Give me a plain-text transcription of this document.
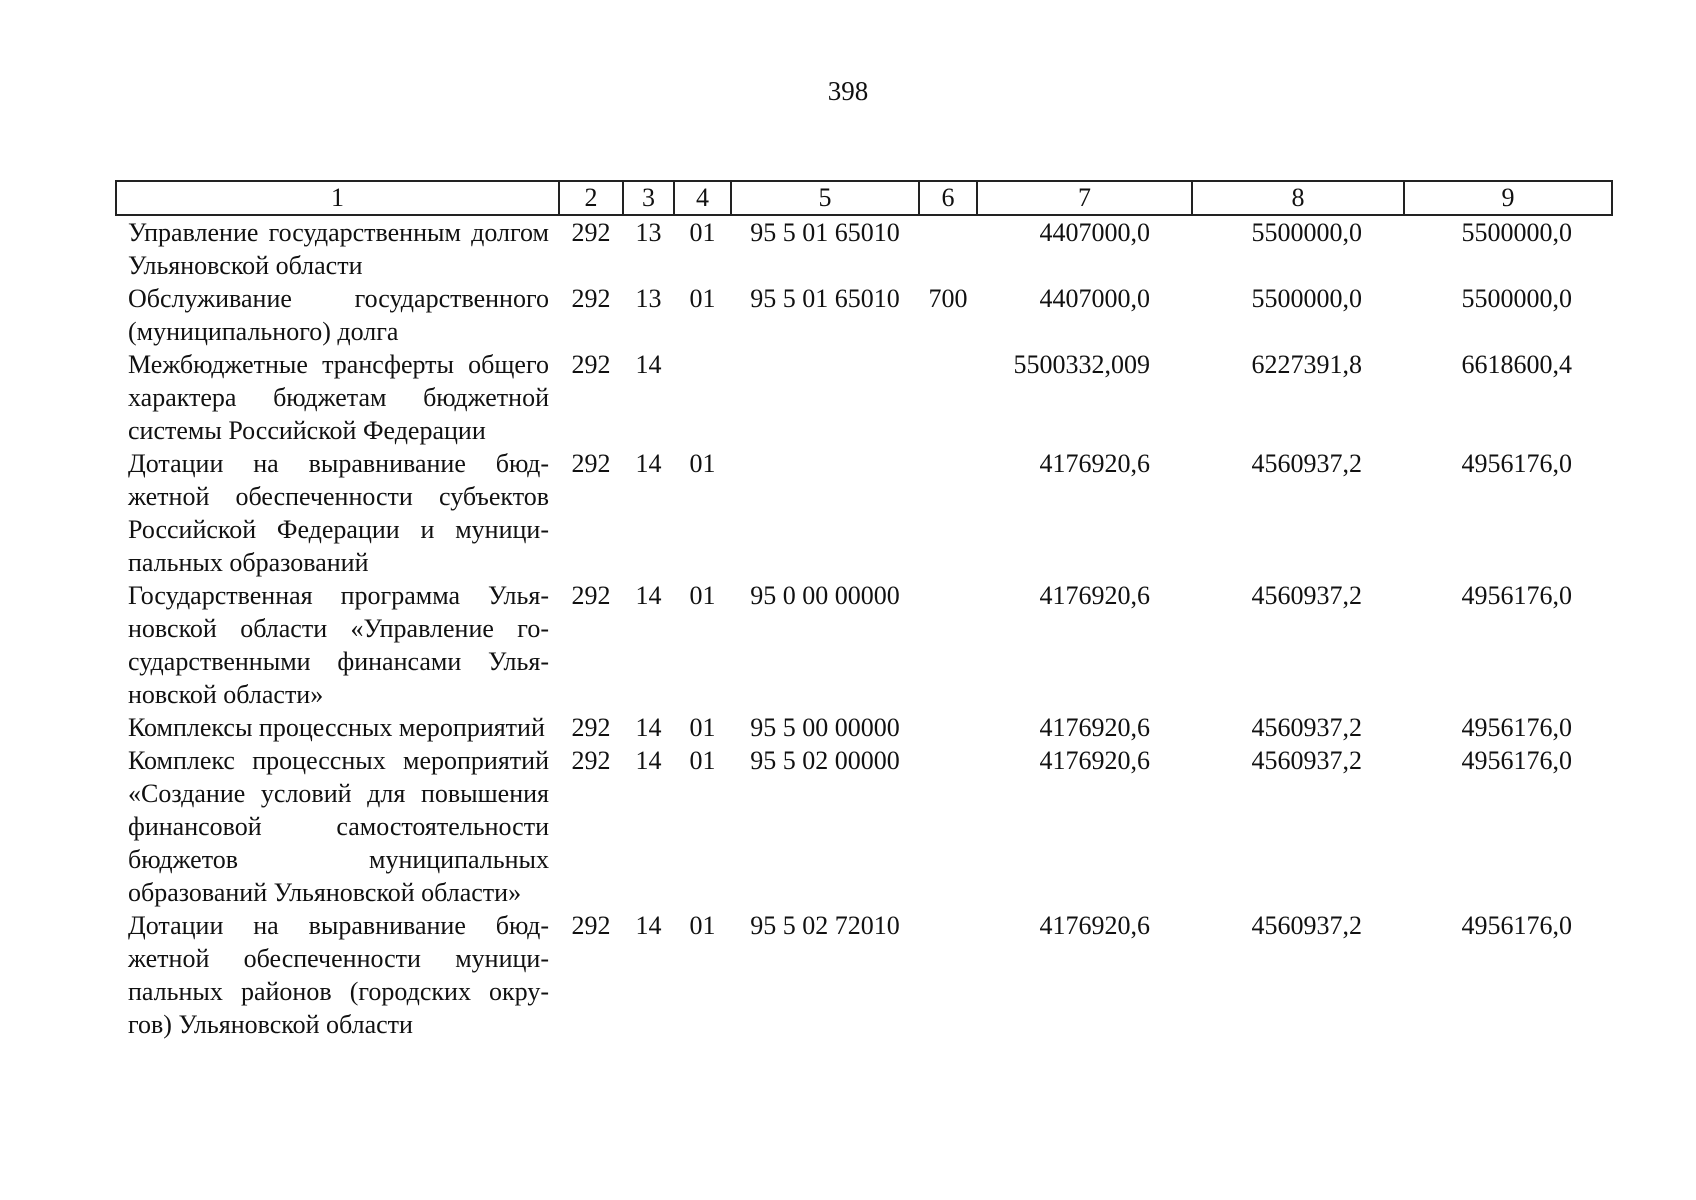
398
1	2	3	4	5	6	7	8	9
Управление государственным долгом Ульяновской области	292	13	01	95 5 01 65010		4407000,0	5500000,0	5500000,0
Обслуживание государственного (муниципального) долга	292	13	01	95 5 01 65010	700	4407000,0	5500000,0	5500000,0
Межбюджетные трансферты общего характера бюджетам бюджетной системы Российской Федерации	292	14				5500332,009	6227391,8	6618600,4
Дотации на выравнивание бюджетной обеспеченности субъектов Российской Федерации и муниципальных образований	292	14	01			4176920,6	4560937,2	4956176,0
Государственная программа Ульяновской области «Управление государственными финансами Ульяновской области»	292	14	01	95 0 00 00000		4176920,6	4560937,2	4956176,0
Комплексы процессных мероприятий	292	14	01	95 5 00 00000		4176920,6	4560937,2	4956176,0
Комплекс процессных мероприятий «Создание условий для повышения финансовой самостоятельности бюджетов муниципальных образований Ульяновской области»	292	14	01	95 5 02 00000		4176920,6	4560937,2	4956176,0
Дотации на выравнивание бюджетной обеспеченности муниципальных районов (городских округов) Ульяновской области	292	14	01	95 5 02 72010		4176920,6	4560937,2	4956176,0
